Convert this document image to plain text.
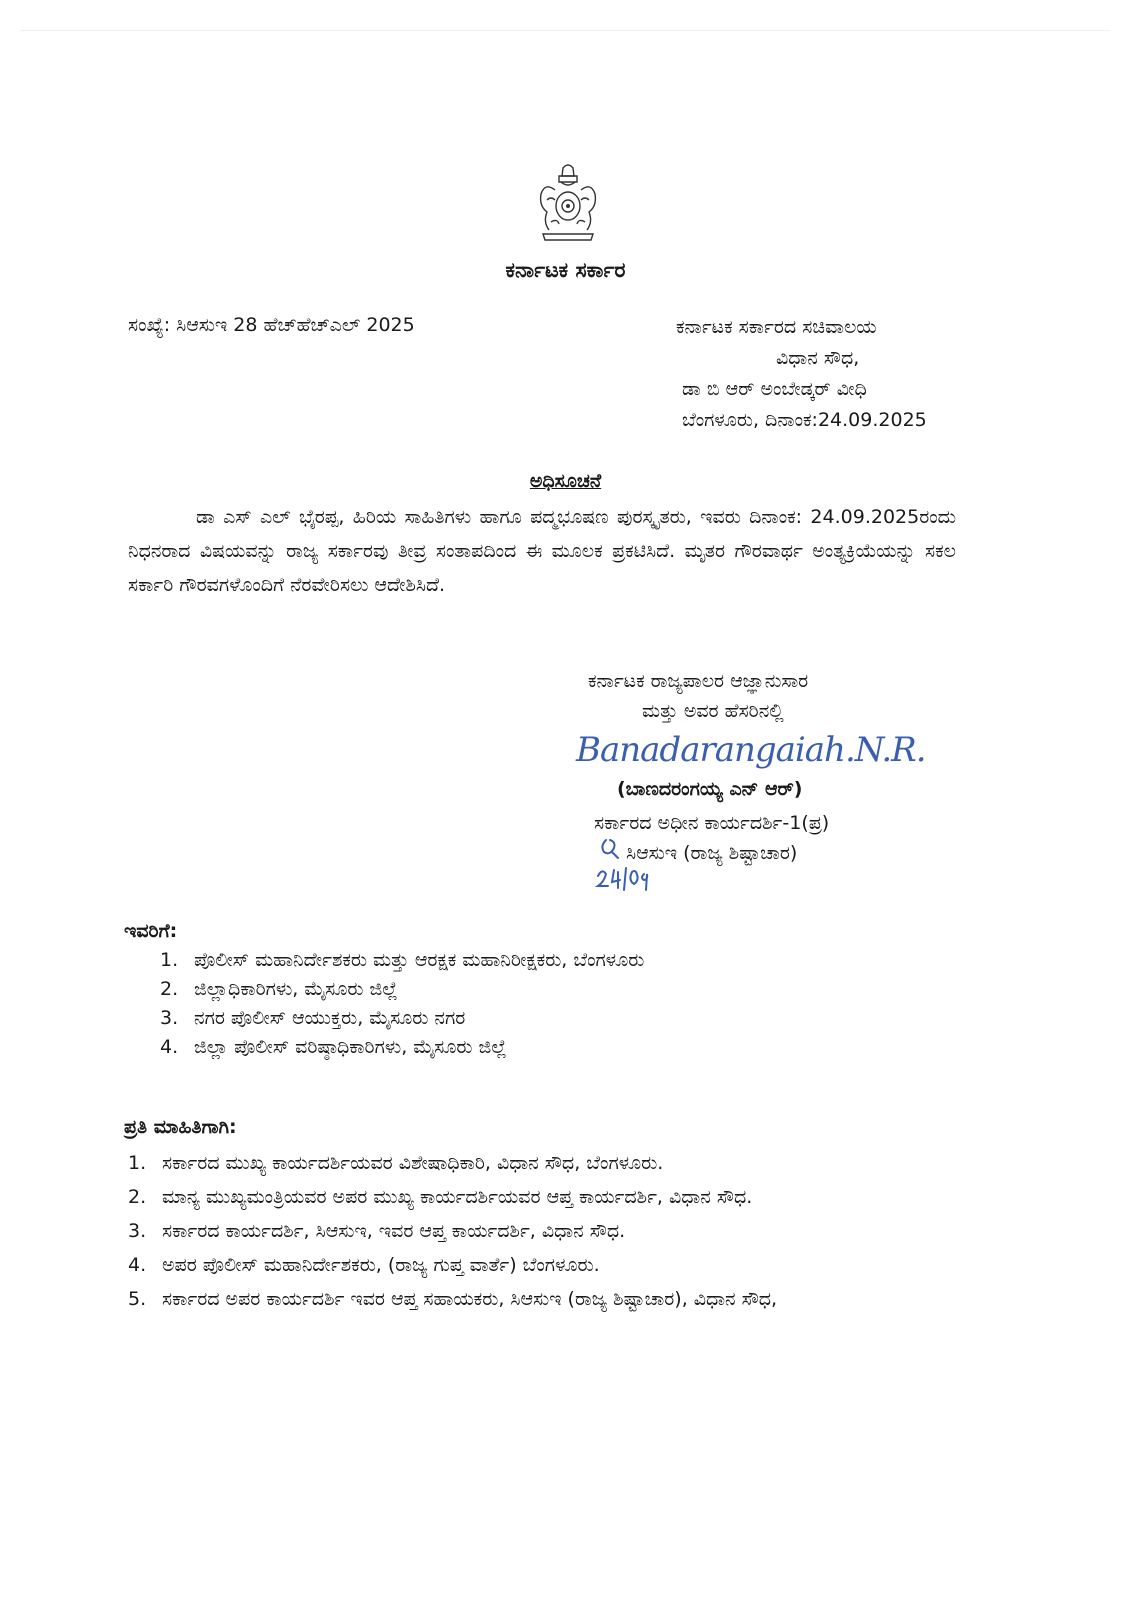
ಕರ್ನಾಟಕ ಸರ್ಕಾರ
ಸಂಖ್ಯೆ: ಸಿಆಸುಇ 28 ಹೆಚ್‌ಹೆಚ್‌ಎಲ್ 2025	ಕರ್ನಾಟಕ ಸರ್ಕಾರದ ಸಚಿವಾಲಯ
ವಿಧಾನ ಸೌಧ,
ಡಾ ಬಿ ಆರ್ ಅಂಬೇಡ್ಕರ್ ವೀಧಿ
ಬೆಂಗಳೂರು, ದಿನಾಂಕ:24.09.2025
ಅಧಿಸೂಚನೆ
ಡಾ ಎಸ್ ಎಲ್ ಭೈರಪ್ಪ, ಹಿರಿಯ ಸಾಹಿತಿಗಳು ಹಾಗೂ ಪದ್ಮಭೂಷಣ ಪುರಸ್ಕೃತರು, ಇವರು ದಿನಾಂಕ: 24.09.2025ರಂದು ನಿಧನರಾದ ವಿಷಯವನ್ನು ರಾಜ್ಯ ಸರ್ಕಾರವು ತೀವ್ರ ಸಂತಾಪದಿಂದ ಈ ಮೂಲಕ ಪ್ರಕಟಿಸಿದೆ. ಮೃತರ ಗೌರವಾರ್ಥ ಅಂತ್ಯಕ್ರಿಯೆಯನ್ನು ಸಕಲ ಸರ್ಕಾರಿ ಗೌರವಗಳೊಂದಿಗೆ ನೆರವೇರಿಸಲು ಆದೇಶಿಸಿದೆ.
ಕರ್ನಾಟಕ ರಾಜ್ಯಪಾಲರ ಆಜ್ಞಾನುಸಾರ
ಮತ್ತು ಅವರ ಹೆಸರಿನಲ್ಲಿ
Banadarangaiah.N.R.
(ಬಾಣದರಂಗಯ್ಯ ಎನ್ ಆರ್)
ಸರ್ಕಾರದ ಅಧೀನ ಕಾರ್ಯದರ್ಶಿ-1(ಪ್ರ)
ಸಿಆಸುಇ (ರಾಜ್ಯ ಶಿಷ್ಟಾಚಾರ)
ಇವರಿಗೆ:
1. ಪೊಲೀಸ್ ಮಹಾನಿರ್ದೇಶಕರು ಮತ್ತು ಆರಕ್ಷಕ ಮಹಾನಿರೀಕ್ಷಕರು, ಬೆಂಗಳೂರು
2. ಜಿಲ್ಲಾಧಿಕಾರಿಗಳು, ಮೈಸೂರು ಜಿಲ್ಲೆ
3. ನಗರ ಪೊಲೀಸ್ ಆಯುಕ್ತರು, ಮೈಸೂರು ನಗರ
4. ಜಿಲ್ಲಾ ಪೊಲೀಸ್ ವರಿಷ್ಠಾಧಿಕಾರಿಗಳು, ಮೈಸೂರು ಜಿಲ್ಲೆ
ಪ್ರತಿ ಮಾಹಿತಿಗಾಗಿ:
1. ಸರ್ಕಾರದ ಮುಖ್ಯ ಕಾರ್ಯದರ್ಶಿಯವರ ವಿಶೇಷಾಧಿಕಾರಿ, ವಿಧಾನ ಸೌಧ, ಬೆಂಗಳೂರು.
2. ಮಾನ್ಯ ಮುಖ್ಯಮಂತ್ರಿಯವರ ಅಪರ ಮುಖ್ಯ ಕಾರ್ಯದರ್ಶಿಯವರ ಆಪ್ತ ಕಾರ್ಯದರ್ಶಿ, ವಿಧಾನ ಸೌಧ.
3. ಸರ್ಕಾರದ ಕಾರ್ಯದರ್ಶಿ, ಸಿಆಸುಇ, ಇವರ ಆಪ್ತ ಕಾರ್ಯದರ್ಶಿ, ವಿಧಾನ ಸೌಧ.
4. ಅಪರ ಪೊಲೀಸ್ ಮಹಾನಿರ್ದೇಶಕರು, (ರಾಜ್ಯ ಗುಪ್ತ ವಾರ್ತೆ) ಬೆಂಗಳೂರು.
5. ಸರ್ಕಾರದ ಅಪರ ಕಾರ್ಯದರ್ಶಿ ಇವರ ಆಪ್ತ ಸಹಾಯಕರು, ಸಿಆಸುಇ (ರಾಜ್ಯ ಶಿಷ್ಟಾಚಾರ), ವಿಧಾನ ಸೌಧ,
